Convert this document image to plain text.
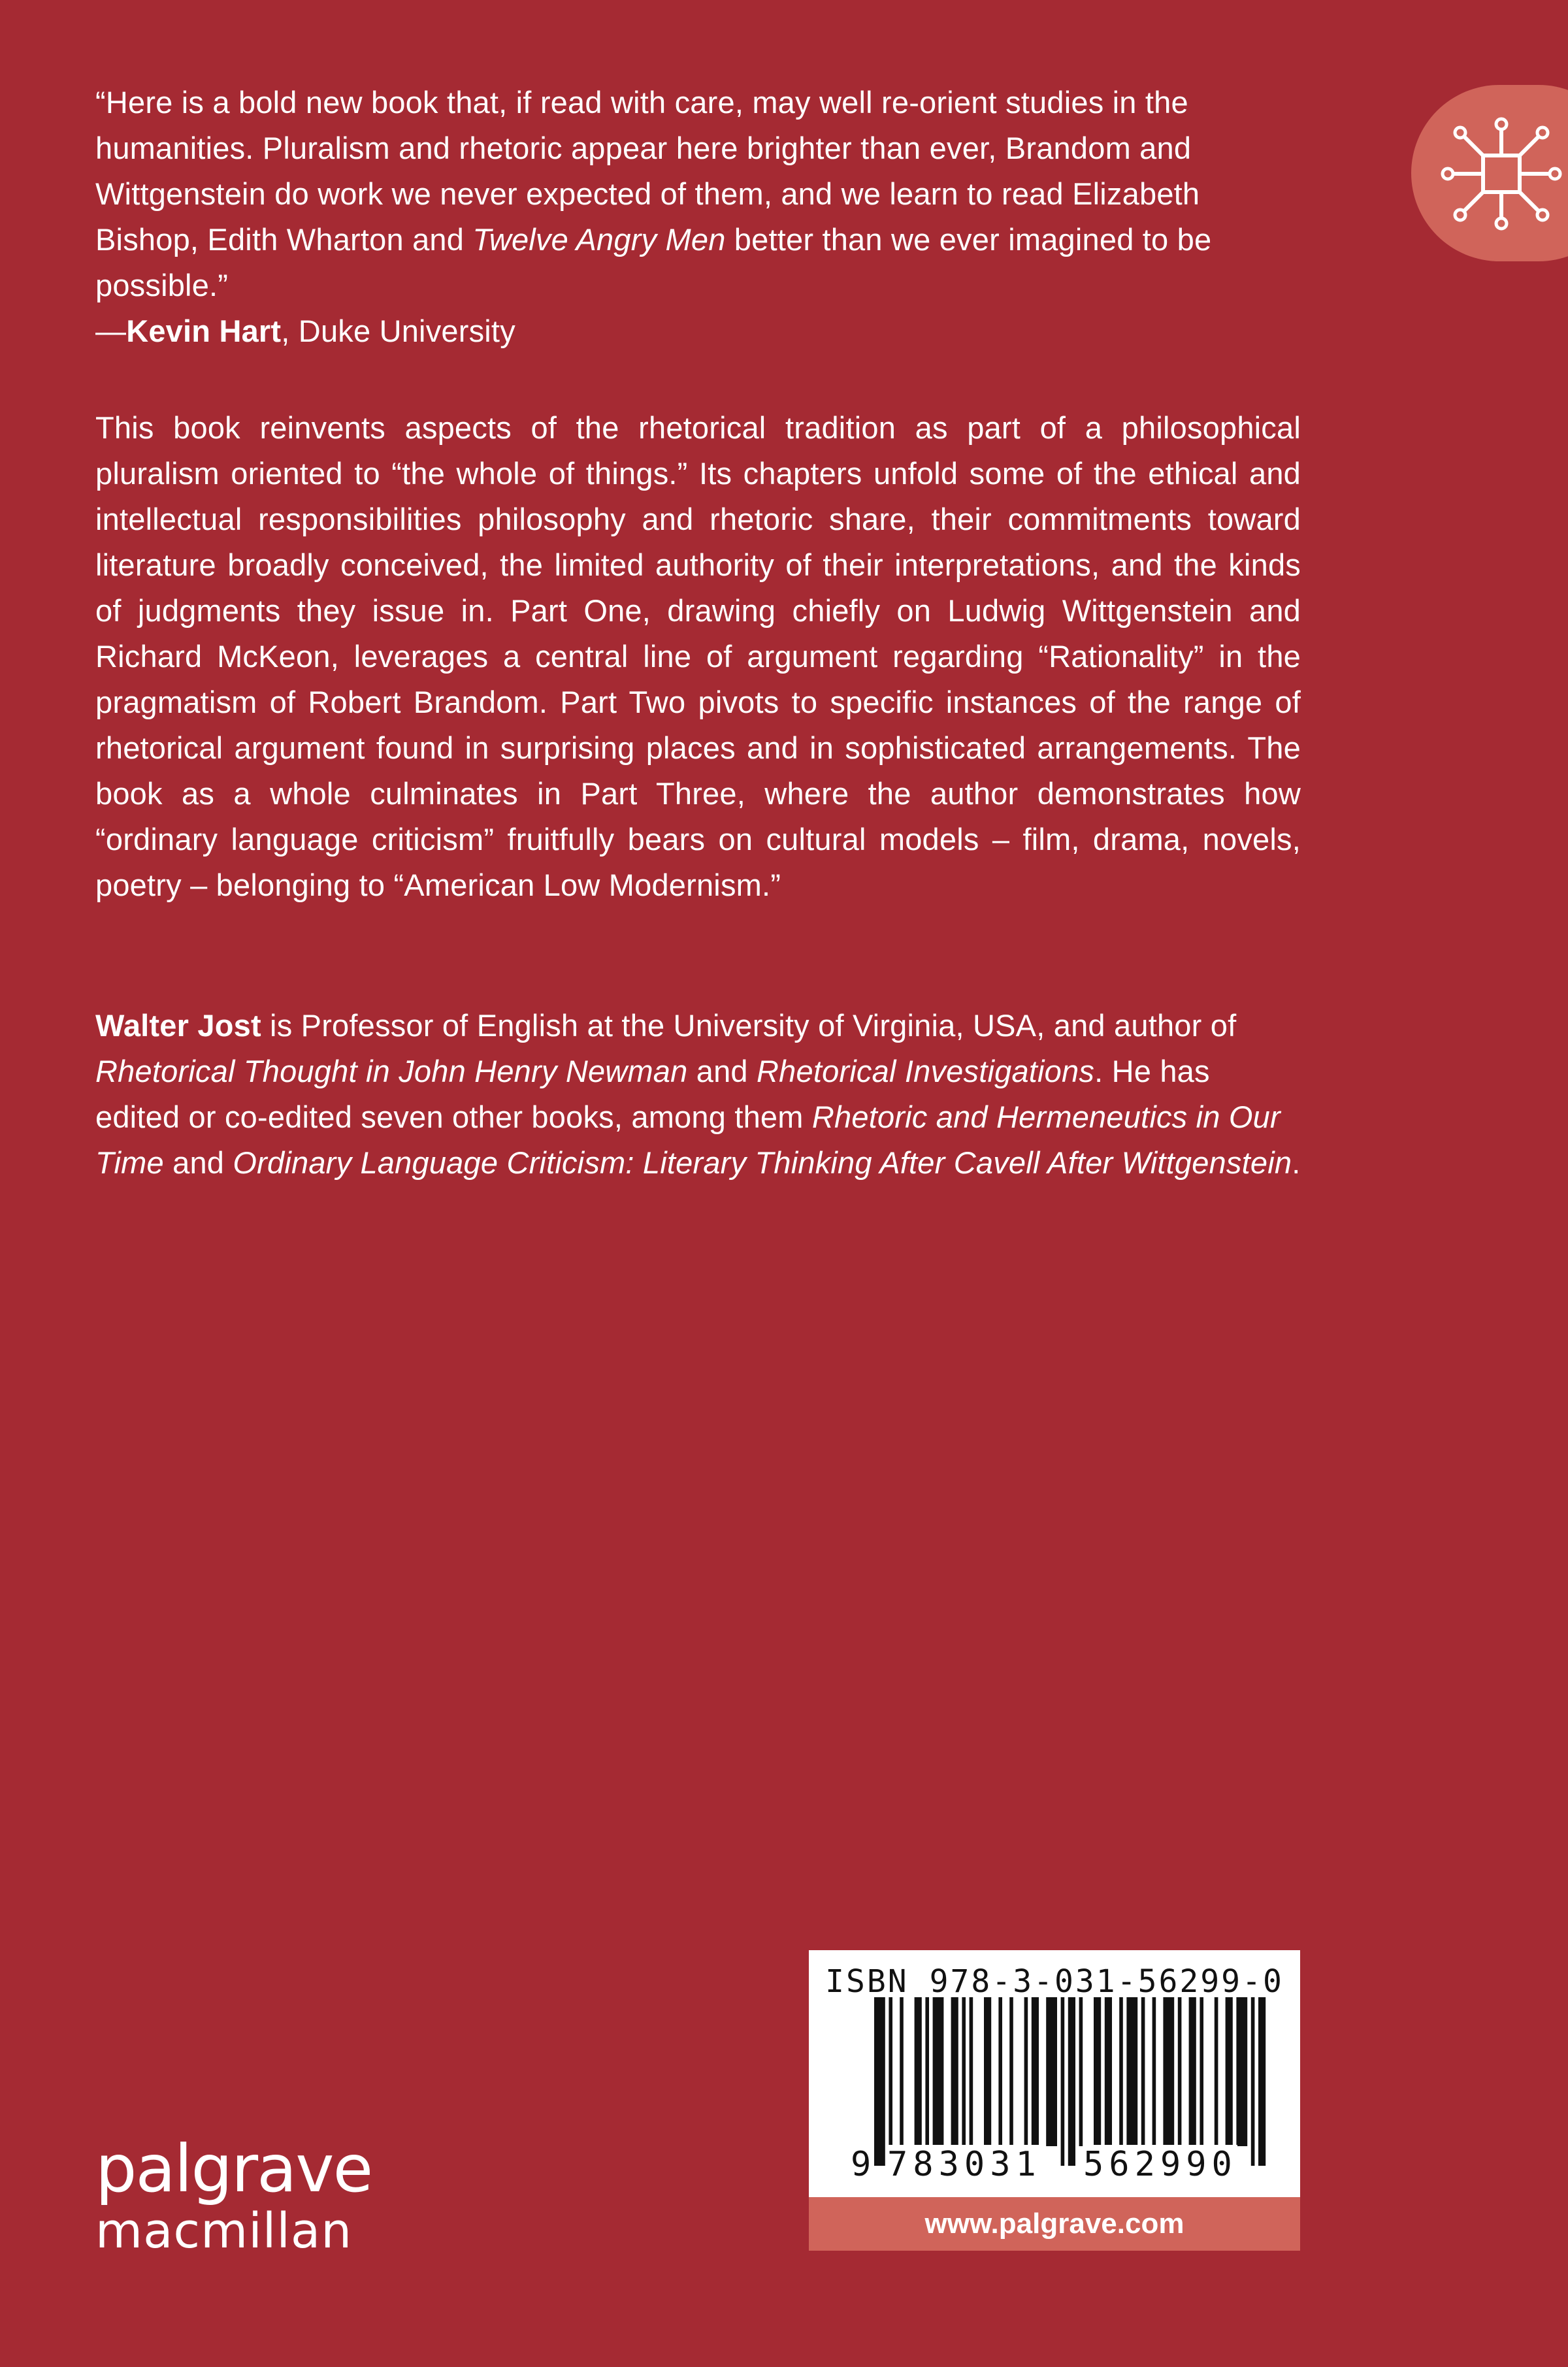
“Here is a bold new book that, if read with care, may well re-orient studies in the humanities. Pluralism and rhetoric appear here brighter than ever, Brandom and Wittgenstein do work we never expected of them, and we learn to read Elizabeth Bishop, Edith Wharton and Twelve Angry Men better than we ever imagined to be possible.”

—Kevin Hart, Duke University

This book reinvents aspects of the rhetorical tradition as part of a philosophical pluralism oriented to “the whole of things.” Its chapters unfold some of the ethical and intellectual responsibilities philosophy and rhetoric share, their commitments toward literature broadly conceived, the limited authority of their interpretations, and the kinds of judgments they issue in. Part One, drawing chiefly on Ludwig Wittgenstein and Richard McKeon, leverages a central line of argument regarding “Rationality” in the pragmatism of Robert Brandom. Part Two pivots to specific instances of the range of rhetorical argument found in surprising places and in sophisticated arrangements. The book as a whole culminates in Part Three, where the author demonstrates how “ordinary language criticism” fruitfully bears on cultural models – film, drama, novels, poetry – belonging to “American Low Modernism.”

Walter Jost is Professor of English at the University of Virginia, USA, and author of Rhetorical Thought in John Henry Newman and Rhetorical Investigations. He has edited or co-edited seven other books, among them Rhetoric and Hermeneutics in Our Time and Ordinary Language Criticism: Literary Thinking After Cavell After Wittgenstein.

palgrave
macmillan
ISBN 978-3-031-56299-0
9 783031 562990
www.palgrave.com
